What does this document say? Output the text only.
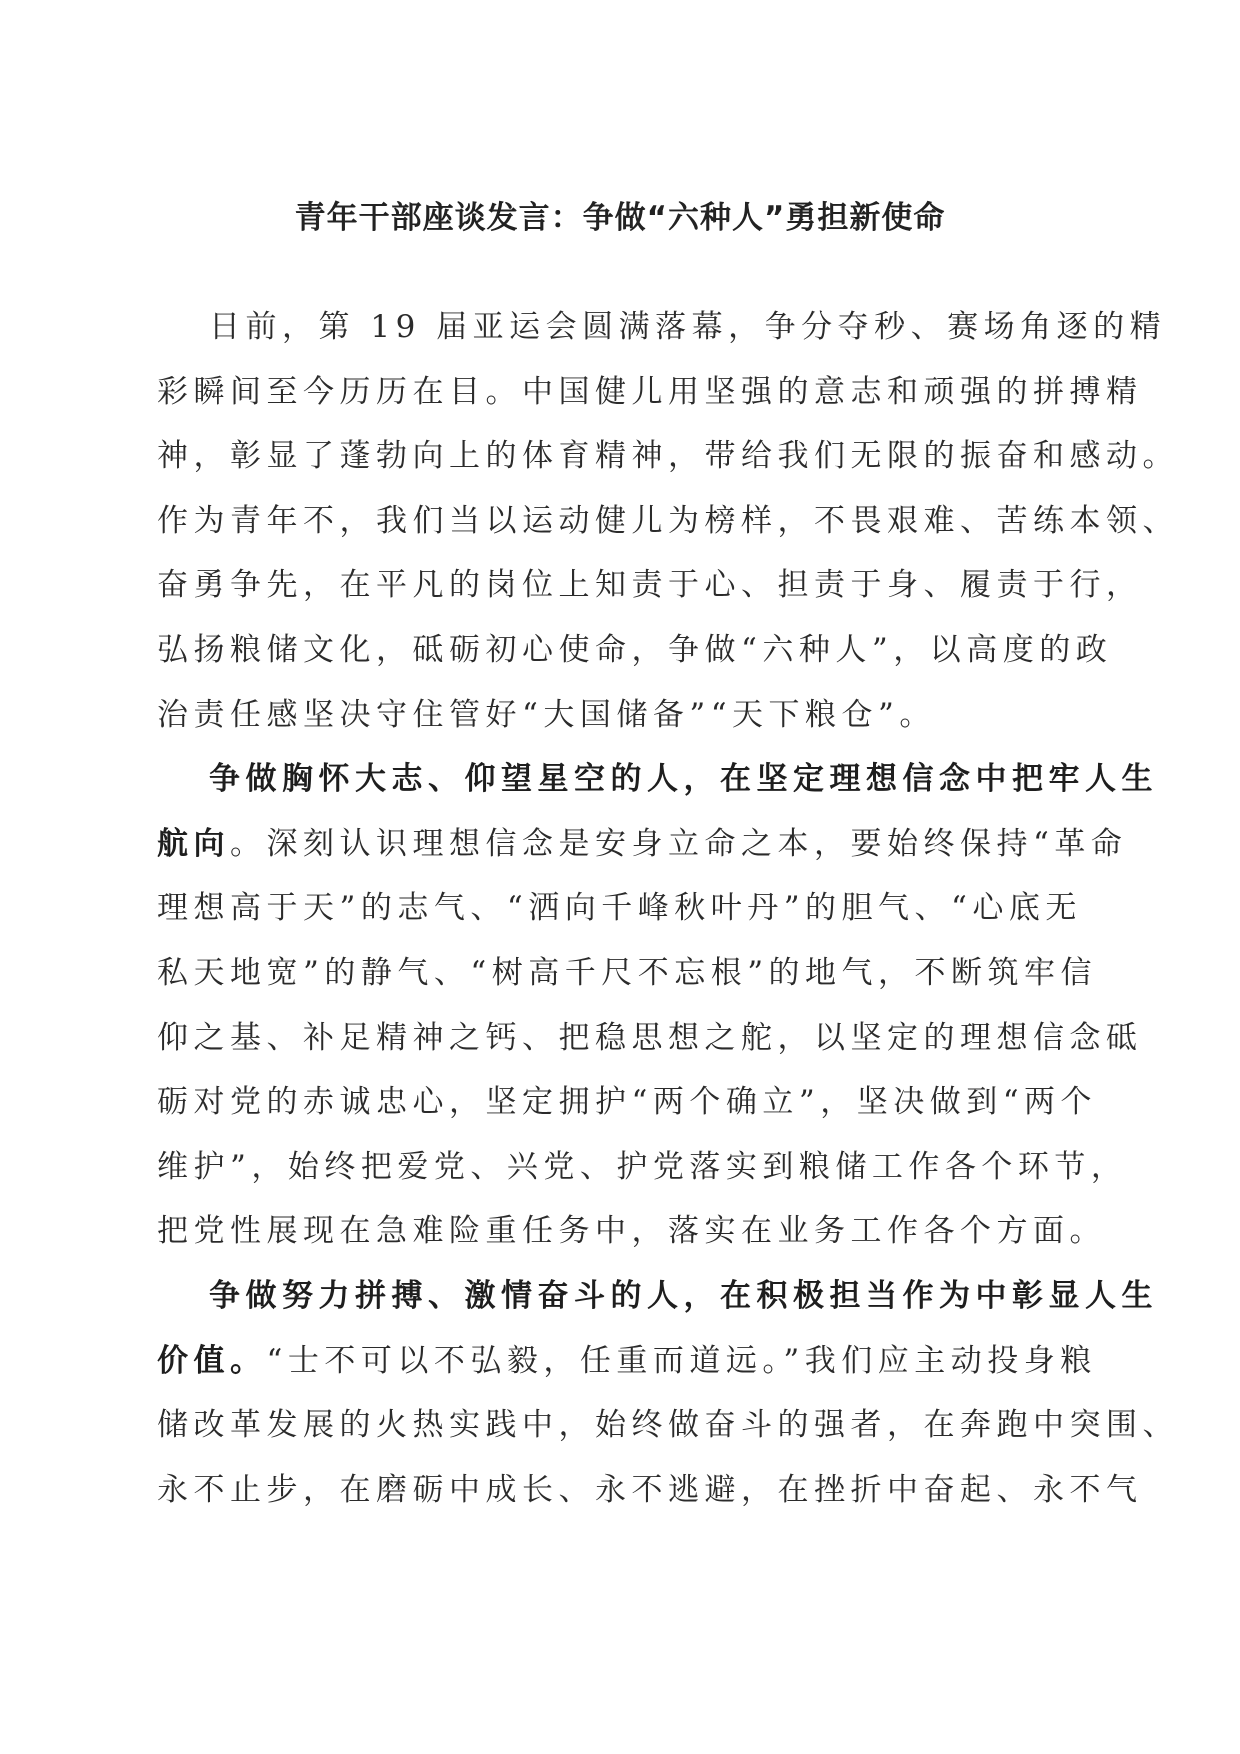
青年干部座谈发言：争做“六种人”勇担新使命
日前，第 19 届亚运会圆满落幕，争分夺秒、赛场角逐的精
彩瞬间至今历历在目。中国健儿用坚强的意志和顽强的拼搏精
神，彰显了蓬勃向上的体育精神，带给我们无限的振奋和感动。
作为青年不，我们当以运动健儿为榜样，不畏艰难、苦练本领、
奋勇争先，在平凡的岗位上知责于心、担责于身、履责于行，
弘扬粮储文化，砥砺初心使命，争做“六种人”，以高度的政
治责任感坚决守住管好“大国储备”“天下粮仓”。
争做胸怀大志、仰望星空的人，在坚定理想信念中把牢人生
航向。深刻认识理想信念是安身立命之本，要始终保持“革命
理想高于天”的志气、“洒向千峰秋叶丹”的胆气、“心底无
私天地宽”的静气、“树高千尺不忘根”的地气，不断筑牢信
仰之基、补足精神之钙、把稳思想之舵，以坚定的理想信念砥
砺对党的赤诚忠心，坚定拥护“两个确立”，坚决做到“两个
维护”，始终把爱党、兴党、护党落实到粮储工作各个环节，
把党性展现在急难险重任务中，落实在业务工作各个方面。
争做努力拼搏、激情奋斗的人，在积极担当作为中彰显人生
价值。“士不可以不弘毅，任重而道远。”我们应主动投身粮
储改革发展的火热实践中，始终做奋斗的强者，在奔跑中突围、
永不止步，在磨砺中成长、永不逃避，在挫折中奋起、永不气
